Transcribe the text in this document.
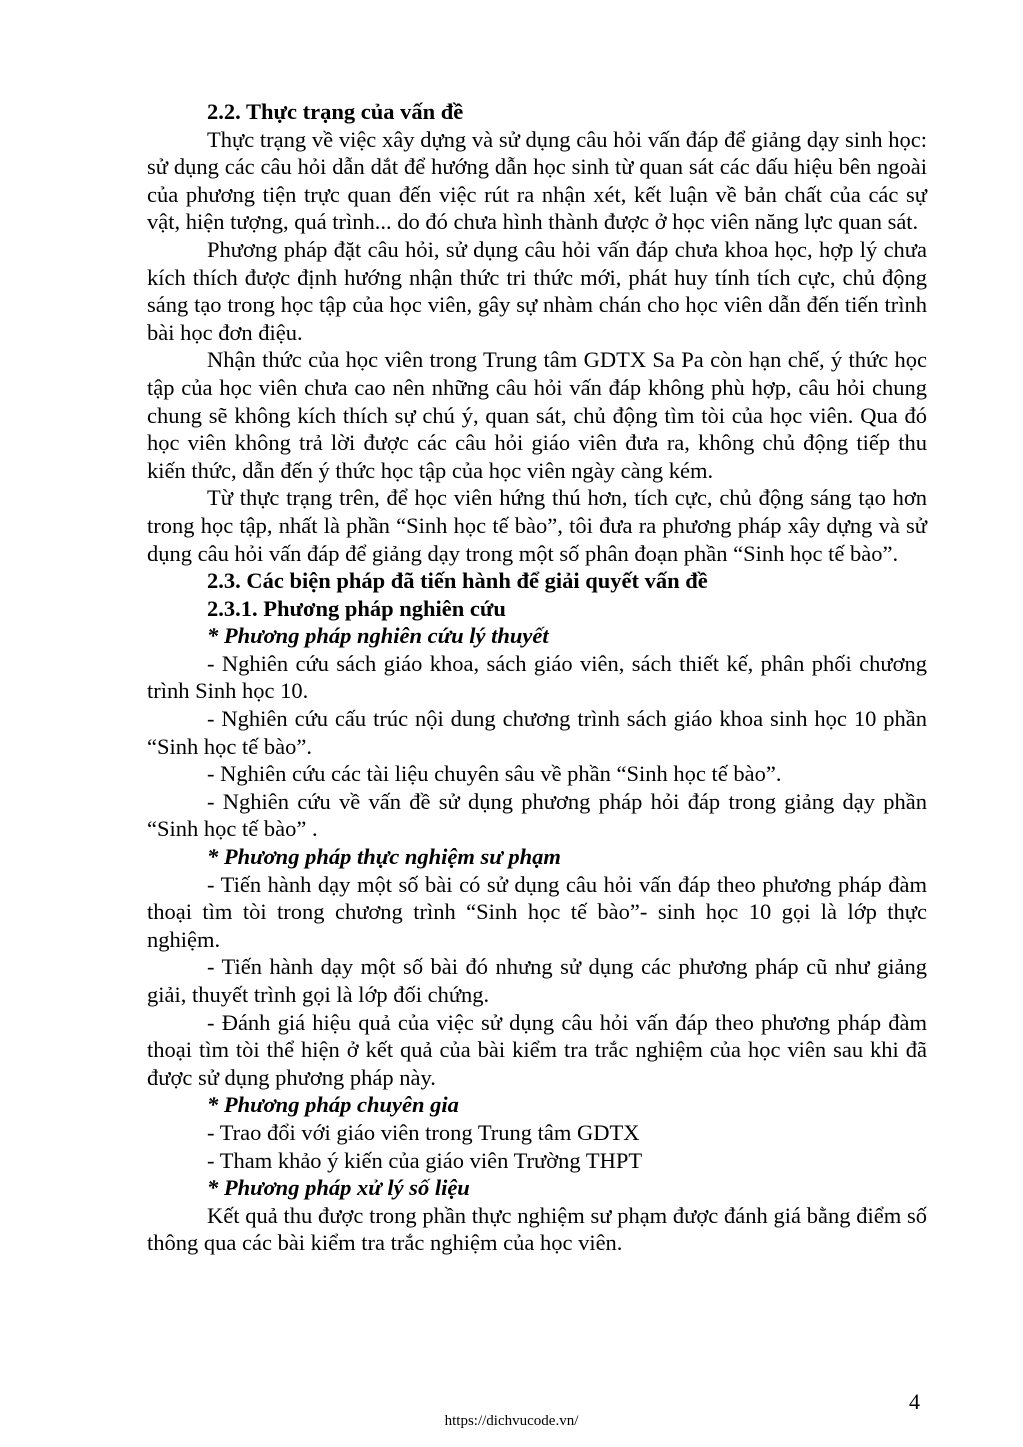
2.2. Thực trạng của vấn đề

Thực trạng về việc xây dựng và sử dụng câu hỏi vấn đáp để giảng dạy sinh học: sử dụng các câu hỏi dẫn dắt để hướng dẫn học sinh từ quan sát các dấu hiệu bên ngoài của phương tiện trực quan đến việc rút ra nhận xét, kết luận về bản chất của các sự vật, hiện tượng, quá trình... do đó chưa hình thành được ở học viên năng lực quan sát.

Phương pháp đặt câu hỏi, sử dụng câu hỏi vấn đáp chưa khoa học, hợp lý chưa kích thích được định hướng nhận thức tri thức mới, phát huy tính tích cực, chủ động sáng tạo trong học tập của học viên, gây sự nhàm chán cho học viên dẫn đến tiến trình bài học đơn điệu.

Nhận thức của học viên trong Trung tâm GDTX Sa Pa còn hạn chế, ý thức học tập của học viên chưa cao nên những câu hỏi vấn đáp không phù hợp, câu hỏi chung chung sẽ không kích thích sự chú ý, quan sát, chủ động tìm tòi của học viên. Qua đó học viên không trả lời được các câu hỏi giáo viên đưa ra, không chủ động tiếp thu kiến thức, dẫn đến ý thức học tập của học viên ngày càng kém.

Từ thực trạng trên, để học viên hứng thú hơn, tích cực, chủ động sáng tạo hơn trong học tập, nhất là phần “Sinh học tế bào”, tôi đưa ra phương pháp xây dựng và sử dụng câu hỏi vấn đáp để giảng dạy trong một số phân đoạn phần “Sinh học tế bào”.

2.3. Các biện pháp đã tiến hành để giải quyết vấn đề

2.3.1. Phương pháp nghiên cứu

* Phương pháp nghiên cứu lý thuyết

- Nghiên cứu sách giáo khoa, sách giáo viên, sách thiết kế, phân phối chương trình Sinh học 10.

- Nghiên cứu cấu trúc nội dung chương trình sách giáo khoa sinh học 10 phần “Sinh học tế bào”.

- Nghiên cứu các tài liệu chuyên sâu về phần “Sinh học tế bào”.

- Nghiên cứu về vấn đề sử dụng phương pháp hỏi đáp trong giảng dạy phần “Sinh học tế bào” .

* Phương pháp thực nghiệm sư phạm

- Tiến hành dạy một số bài có sử dụng câu hỏi vấn đáp theo phương pháp đàm thoại tìm tòi trong chương trình “Sinh học tế bào”- sinh học 10 gọi là lớp thực nghiệm.

- Tiến hành dạy một số bài đó nhưng sử dụng các phương pháp cũ như giảng giải, thuyết trình gọi là lớp đối chứng.

- Đánh giá hiệu quả của việc sử dụng câu hỏi vấn đáp theo phương pháp đàm thoại tìm tòi thể hiện ở kết quả của bài kiểm tra trắc nghiệm của học viên sau khi đã được sử dụng phương pháp này.

* Phương pháp chuyên gia

- Trao đổi với giáo viên trong Trung tâm GDTX

- Tham khảo ý kiến của giáo viên Trường THPT

* Phương pháp xử lý số liệu

Kết quả thu được trong phần thực nghiệm sư phạm được đánh giá bằng điểm số thông qua các bài kiểm tra trắc nghiệm của học viên.

4
https://dichvucode.vn/
